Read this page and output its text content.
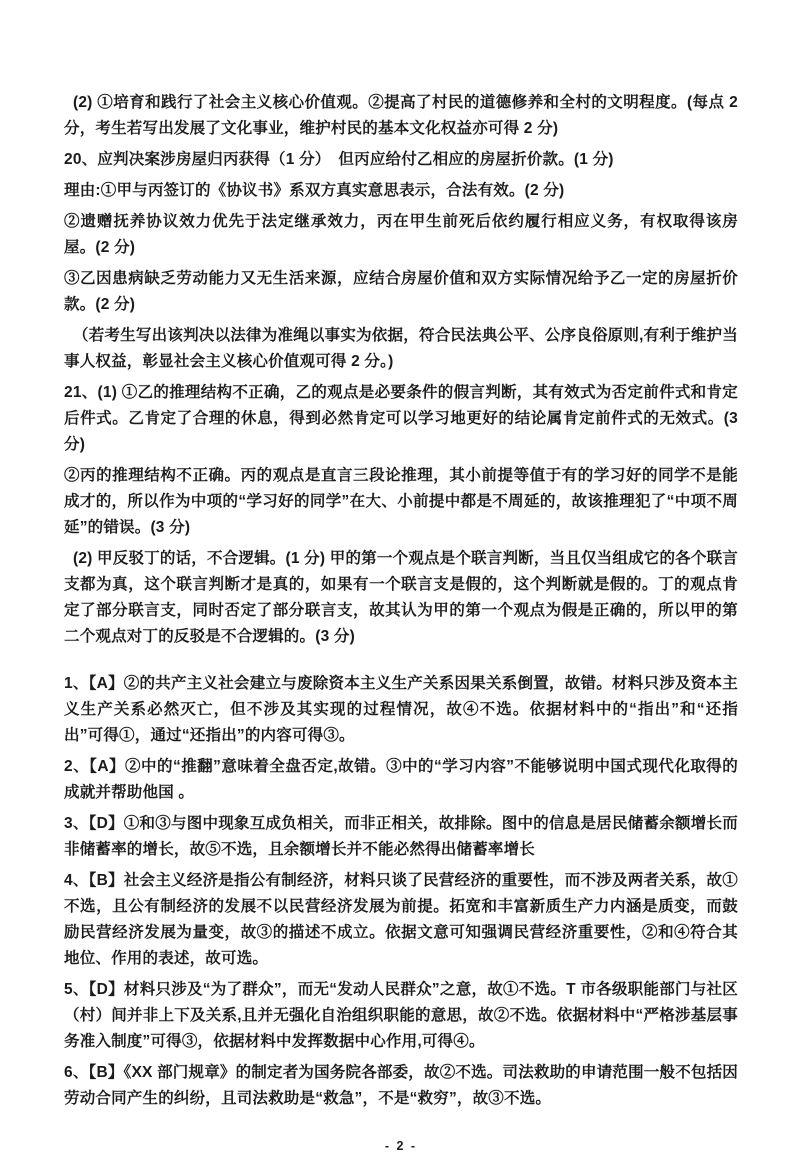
(2) ①培育和践行了社会主义核心价值观。②提高了村民的道德修养和全村的文明程度。(每点 2 分，考生若写出发展了文化事业，维护村民的基本文化权益亦可得 2 分)

20、应判决案涉房屋归丙获得（1 分）　但丙应给付乙相应的房屋折价款。(1 分)

理由:①甲与丙签订的《协议书》系双方真实意思表示，合法有效。(2 分)

②遗赠抚养协议效力优先于法定继承效力，丙在甲生前死后依约履行相应义务，有权取得该房屋。(2 分)

③乙因患病缺乏劳动能力又无生活来源，应结合房屋价值和双方实际情况给予乙一定的房屋折价款。(2 分)

（若考生写出该判决以法律为准绳以事实为依据，符合民法典公平、公序良俗原则,有利于维护当事人权益，彰显社会主义核心价值观可得 2 分。)

21、(1) ①乙的推理结构不正确，乙的观点是必要条件的假言判断，其有效式为否定前件式和肯定后件式。乙肯定了合理的休息，得到必然肯定可以学习地更好的结论属肯定前件式的无效式。(3 分)

②丙的推理结构不正确。丙的观点是直言三段论推理，其小前提等值于有的学习好的同学不是能成才的，所以作为中项的“学习好的同学”在大、小前提中都是不周延的，故该推理犯了“中项不周延”的错误。(3 分)

(2) 甲反驳丁的话，不合逻辑。(1 分) 甲的第一个观点是个联言判断，当且仅当组成它的各个联言支都为真，这个联言判断才是真的，如果有一个联言支是假的，这个判断就是假的。丁的观点肯定了部分联言支，同时否定了部分联言支，故其认为甲的第一个观点为假是正确的，所以甲的第二个观点对丁的反驳是不合逻辑的。(3 分)

1、【A】②的共产主义社会建立与废除资本主义生产关系因果关系倒置，故错。材料只涉及资本主义生产关系必然灭亡，但不涉及其实现的过程情况，故④不选。依据材料中的“指出”和“还指出”可得①，通过“还指出”的内容可得③。

2、【A】②中的“推翻”意味着全盘否定,故错。③中的“学习内容”不能够说明中国式现代化取得的成就并帮助他国 。

3、【D】①和③与图中现象互成负相关，而非正相关，故排除。图中的信息是居民储蓄余额增长而非储蓄率的增长，故⑤不选，且余额增长并不能必然得出储蓄率增长

4、【B】社会主义经济是指公有制经济，材料只谈了民营经济的重要性，而不涉及两者关系，故①不选，且公有制经济的发展不以民营经济发展为前提。拓宽和丰富新质生产力内涵是质变，而鼓励民营经济发展为量变，故③的描述不成立。依据文意可知强调民营经济重要性，②和④符合其地位、作用的表述，故可选。

5、【D】材料只涉及“为了群众”，而无“发动人民群众”之意，故①不选。T 市各级职能部门与社区（村）间并非上下及关系,且并无强化自治组织职能的意思，故②不选。依据材料中“严格涉基层事务准入制度”可得③，依据材料中发挥数据中心作用,可得④。

6、【B】《XX 部门规章》的制定者为国务院各部委，故②不选。司法救助的申请范围一般不包括因劳动合同产生的纠纷，且司法救助是“救急”，不是“救穷”，故③不选。

- 2 -
